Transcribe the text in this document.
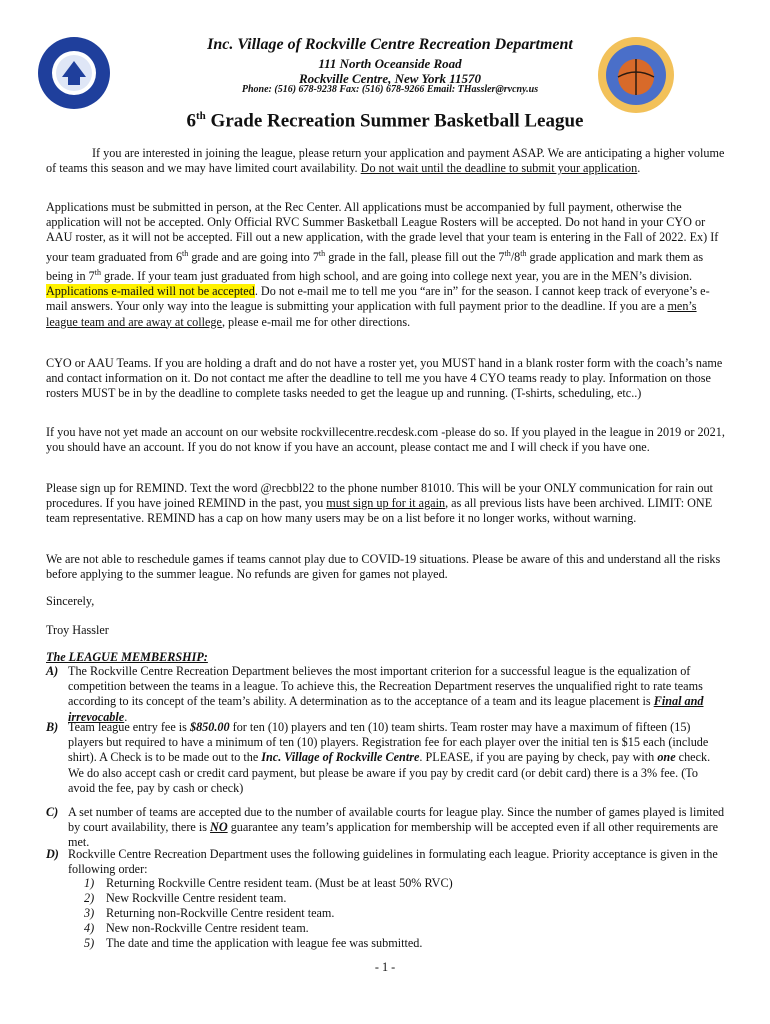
Inc. Village of Rockville Centre Recreation Department
111 North Oceanside Road
Rockville Centre, New York 11570
Phone: (516) 678-9238 Fax: (516) 678-9266 Email: THassler@rvcny.us
6th Grade Recreation Summer Basketball League

If you are interested in joining the league, please return your application and payment ASAP. We are anticipating a higher volume of teams this season and we may have limited court availability. Do not wait until the deadline to submit your application.

Applications must be submitted in person, at the Rec Center. All applications must be accompanied by full payment, otherwise the application will not be accepted. Only Official RVC Summer Basketball League Rosters will be accepted. Do not hand in your CYO or AAU roster, as it will not be accepted. Fill out a new application, with the grade level that your team is entering in the Fall of 2022. Ex) If your team graduated from 6th grade and are going into 7th grade in the fall, please fill out the 7th/8th grade application and mark them as being in 7th grade. If your team just graduated from high school, and are going into college next year, you are in the MEN’s division. Applications e-mailed will not be accepted. Do not e-mail me to tell me you “are in” for the season. I cannot keep track of everyone’s e-mail answers. Your only way into the league is submitting your application with full payment prior to the deadline. If you are a men’s league team and are away at college, please e-mail me for other directions.

CYO or AAU Teams. If you are holding a draft and do not have a roster yet, you MUST hand in a blank roster form with the coach’s name and contact information on it. Do not contact me after the deadline to tell me you have 4 CYO teams ready to play. Information on those rosters MUST be in by the deadline to complete tasks needed to get the league up and running. (T-shirts, scheduling, etc..)

If you have not yet made an account on our website rockvillecentre.recdesk.com -please do so. If you played in the league in 2019 or 2021, you should have an account. If you do not know if you have an account, please contact me and I will check if you have one.

Please sign up for REMIND. Text the word @recbbl22 to the phone number 81010. This will be your ONLY communication for rain out procedures. If you have joined REMIND in the past, you must sign up for it again, as all previous lists have been archived. LIMIT: ONE team representative. REMIND has a cap on how many users may be on a list before it no longer works, without warning.

We are not able to reschedule games if teams cannot play due to COVID-19 situations. Please be aware of this and understand all the risks before applying to the summer league. No refunds are given for games not played.

Sincerely,
Troy Hassler
The LEAGUE MEMBERSHIP:
A) The Rockville Centre Recreation Department believes the most important criterion for a successful league is the equalization of competition between the teams in a league. To achieve this, the Recreation Department reserves the unqualified right to rate teams according to its concept of the team’s ability. A determination as to the acceptance of a team and its league placement is Final and irrevocable.
B) Team league entry fee is $850.00 for ten (10) players and ten (10) team shirts. Team roster may have a maximum of fifteen (15) players but required to have a minimum of ten (10) players. Registration fee for each player over the initial ten is $15 each (include shirt). A Check is to be made out to the Inc. Village of Rockville Centre. PLEASE, if you are paying by check, pay with one check. We do also accept cash or credit card payment, but please be aware if you pay by credit card (or debit card) there is a 3% fee. (To avoid the fee, pay by cash or check)
C) A set number of teams are accepted due to the number of available courts for league play. Since the number of games played is limited by court availability, there is NO guarantee any team’s application for membership will be accepted even if all other requirements are met.
D) Rockville Centre Recreation Department uses the following guidelines in formulating each league. Priority acceptance is given in the following order:
1) Returning Rockville Centre resident team. (Must be at least 50% RVC)
2) New Rockville Centre resident team.
3) Returning non-Rockville Centre resident team.
4) New non-Rockville Centre resident team.
5) The date and time the application with league fee was submitted.
- 1 -
